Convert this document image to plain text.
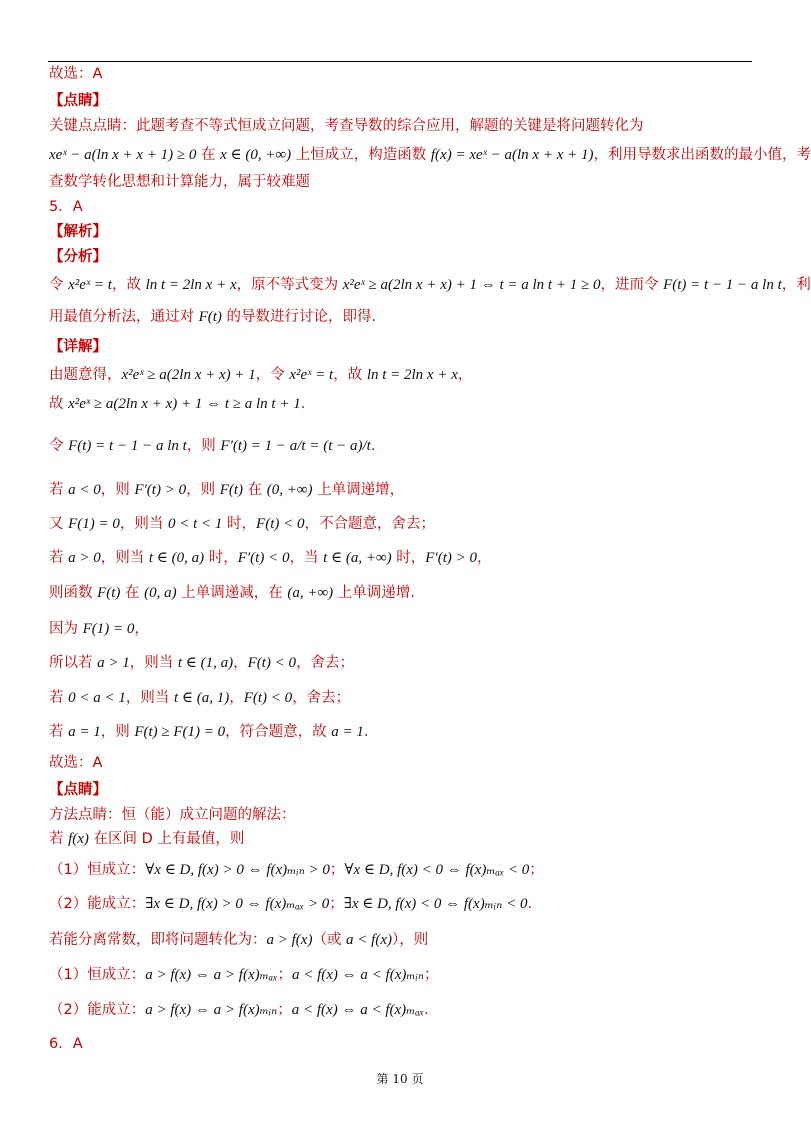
故选：A
【点睛】
关键点点睛：此题考查不等式恒成立问题，考查导数的综合应用，解题的关键是将问题转化为
xeˣ − a(ln x + x + 1) ≥ 0 在 x ∈ (0, +∞) 上恒成立，构造函数 f(x) = xeˣ − a(ln x + x + 1)，利用导数求出函数的最小值，考
查数学转化思想和计算能力，属于较难题
5．A
【解析】
【分析】
令 x²eˣ = t，故 ln t = 2ln x + x，原不等式变为 x²eˣ ≥ a(2ln x + x) + 1 ⇔ t = a ln t + 1 ≥ 0，进而令 F(t) = t − 1 − a ln t，利
用最值分析法，通过对 F(t) 的导数进行讨论，即得.
【详解】
由题意得，x²eˣ ≥ a(2ln x + x) + 1，令 x²eˣ = t，故 ln t = 2ln x + x，
故 x²eˣ ≥ a(2ln x + x) + 1 ⇔ t ≥ a ln t + 1.
令 F(t) = t − 1 − a ln t，则 F′(t) = 1 − a/t = (t − a)/t.
若 a < 0，则 F′(t) > 0，则 F(t) 在 (0, +∞) 上单调递增，
又 F(1) = 0，则当 0 < t < 1 时，F(t) < 0，不合题意，舍去；
若 a > 0，则当 t ∈ (0, a) 时，F′(t) < 0，当 t ∈ (a, +∞) 时，F′(t) > 0，
则函数 F(t) 在 (0, a) 上单调递减，在 (a, +∞) 上单调递增.
因为 F(1) = 0，
所以若 a > 1，则当 t ∈ (1, a)，F(t) < 0，舍去；
若 0 < a < 1，则当 t ∈ (a, 1)，F(t) < 0，舍去；
若 a = 1，则 F(t) ≥ F(1) = 0，符合题意，故 a = 1.
故选：A
【点睛】
方法点睛：恒（能）成立问题的解法：
若 f(x) 在区间 D 上有最值，则
（1）恒成立：∀x ∈ D, f(x) > 0 ⇔ f(x)ₘᵢₙ > 0；∀x ∈ D, f(x) < 0 ⇔ f(x)ₘₐₓ < 0；
（2）能成立：∃x ∈ D, f(x) > 0 ⇔ f(x)ₘₐₓ > 0；∃x ∈ D, f(x) < 0 ⇔ f(x)ₘᵢₙ < 0.
若能分离常数，即将问题转化为：a > f(x)（或 a < f(x)），则
（1）恒成立：a > f(x) ⇔ a > f(x)ₘₐₓ；a < f(x) ⇔ a < f(x)ₘᵢₙ；
（2）能成立：a > f(x) ⇔ a > f(x)ₘᵢₙ；a < f(x) ⇔ a < f(x)ₘₐₓ.
6．A
第 10 页
